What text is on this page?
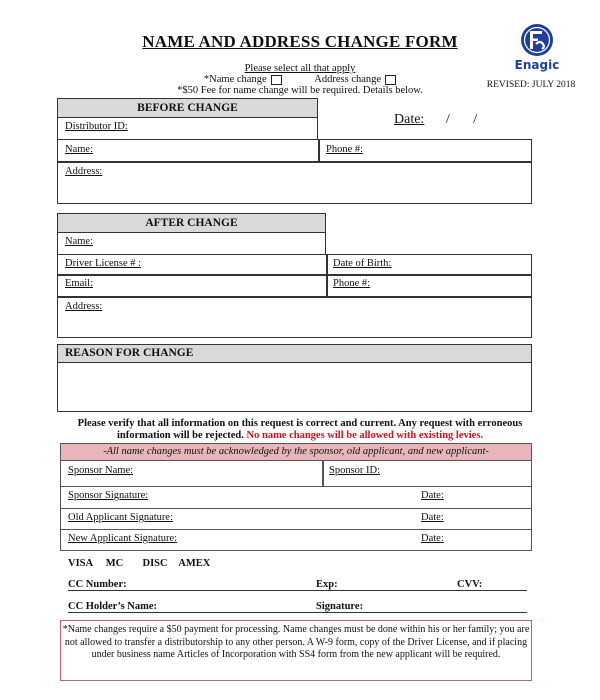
NAME AND ADDRESS CHANGE FORM
Please select all that apply
*Name change	Address change
*$50 Fee for name change will be required. Details below.
Enagic
REVISED: JULY 2018
BEFORE CHANGE
Distributor ID:	Date: / /
Name:	Phone #:
Address:
AFTER CHANGE
Name:
Driver License # :	Date of Birth:
Email:	Phone #:
Address:
REASON FOR CHANGE
Please verify that all information on this request is correct and current. Any request with erroneous information will be rejected. No name changes will be allowed with existing levies.
-All name changes must be acknowledged by the sponsor, old applicant, and new applicant-
Sponsor Name:	Sponsor ID:
Sponsor Signature:	Date:
Old Applicant Signature:	Date:
New Applicant Signature:	Date:
VISA MC DISC AMEX
CC Number:	Exp:	CVV:
CC Holder’s Name:	Signature:
*Name changes require a $50 payment for processing. Name changes must be done within his or her family; you are not allowed to transfer a distributorship to any other person. A W-9 form, copy of the Driver License, and if placing under business name Articles of Incorporation with SS4 form from the new applicant will be required.
